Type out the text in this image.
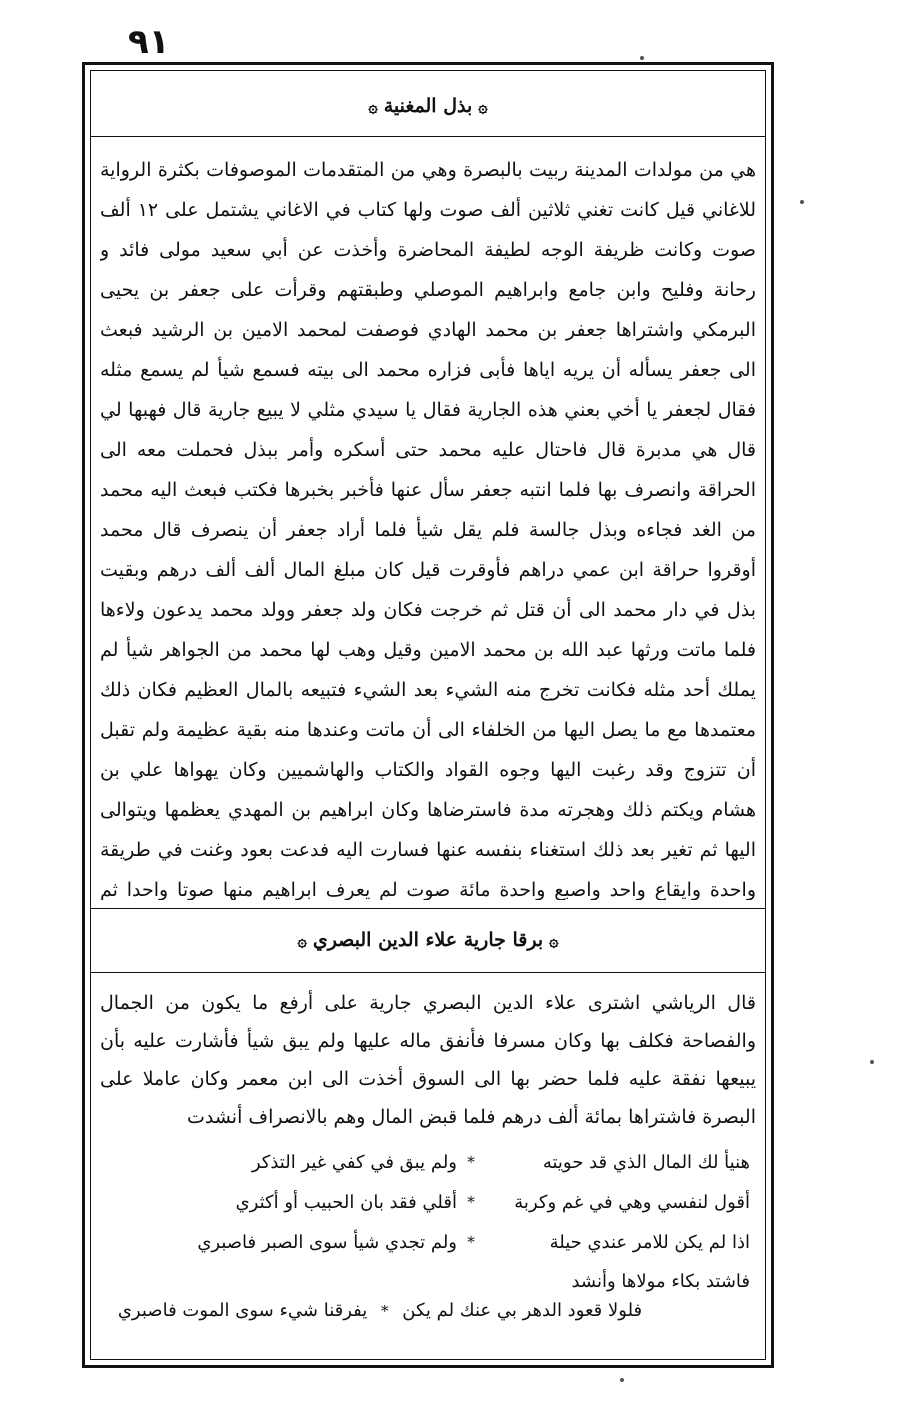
٩١
۞ بذل المغنية ۞

هي من مولدات المدينة ربيت بالبصرة وهي من المتقدمات الموصوفات بكثرة الرواية للاغاني قيل كانت تغني ثلاثين ألف صوت ولها كتاب في الاغاني يشتمل على ١٢ ألف صوت وكانت ظريفة الوجه لطيفة المحاضرة وأخذت عن أبي سعيد مولى فائد و رحانة وفليح وابن جامع وابراهيم الموصلي وطبقتهم وقرأت على جعفر بن يحيى البرمكي واشتراها جعفر بن محمد الهادي فوصفت لمحمد الامين بن الرشيد فبعث الى جعفر يسأله أن يريه اياها فأبى فزاره محمد الى بيته فسمع شيأ لم يسمع مثله فقال لجعفر يا أخي بعني هذه الجارية فقال يا سيدي مثلي لا يبيع جارية قال فهبها لي قال هي مدبرة قال فاحتال عليه محمد حتى أسكره وأمر ببذل فحملت معه الى الحراقة وانصرف بها فلما انتبه جعفر سأل عنها فأخبر بخبرها فكتب فبعث اليه محمد من الغد فجاءه وبذل جالسة فلم يقل شيأ فلما أراد جعفر أن ينصرف قال محمد أوقروا حراقة ابن عمي دراهم فأوقرت قيل كان مبلغ المال ألف ألف درهم وبقيت بذل في دار محمد الى أن قتل ثم خرجت فكان ولد جعفر وولد محمد يدعون ولاءها فلما ماتت ورثها عبد الله بن محمد الامين وقيل وهب لها محمد من الجواهر شيأ لم يملك أحد مثله فكانت تخرج منه الشيء بعد الشيء فتبيعه بالمال العظيم فكان ذلك معتمدها مع ما يصل اليها من الخلفاء الى أن ماتت وعندها منه بقية عظيمة ولم تقبل أن تتزوج وقد رغبت اليها وجوه القواد والكتاب والهاشميين وكان يهواها علي بن هشام ويكتم ذلك وهجرته مدة فاسترضاها وكان ابراهيم بن المهدي يعظمها ويتوالى اليها ثم تغير بعد ذلك استغناء بنفسه عنها فسارت اليه فدعت بعود وغنت في طريقة واحدة وايقاع واحد واصبع واحدة مائة صوت لم يعرف ابراهيم منها صوتا واحدا ثم

۞ برقا جارية علاء الدين البصري ۞

قال الرياشي اشترى علاء الدين البصري جارية على أرفع ما يكون من الجمال والفصاحة فكلف بها وكان مسرفا فأنفق ماله عليها ولم يبق شيأ فأشارت عليه بأن يبيعها نفقة عليه فلما حضر بها الى السوق أخذت الى ابن معمر وكان عاملا على البصرة فاشتراها بمائة ألف درهم فلما قبض المال وهم بالانصراف أنشدت

هنيأ لك المال الذي قد حويته
*
ولم يبق في كفي غير التذكر
أقول لنفسي وهي في غم وكربة
*
أقلي فقد بان الحبيب أو أكثري
اذا لم يكن للامر عندي حيلة
*
ولم تجدي شيأ سوى الصبر فاصبري
فاشتد بكاء مولاها وأنشد
فلولا قعود الدهر بي عنك لم يكن * يفرقنا شيء سوى الموت فاصبري
